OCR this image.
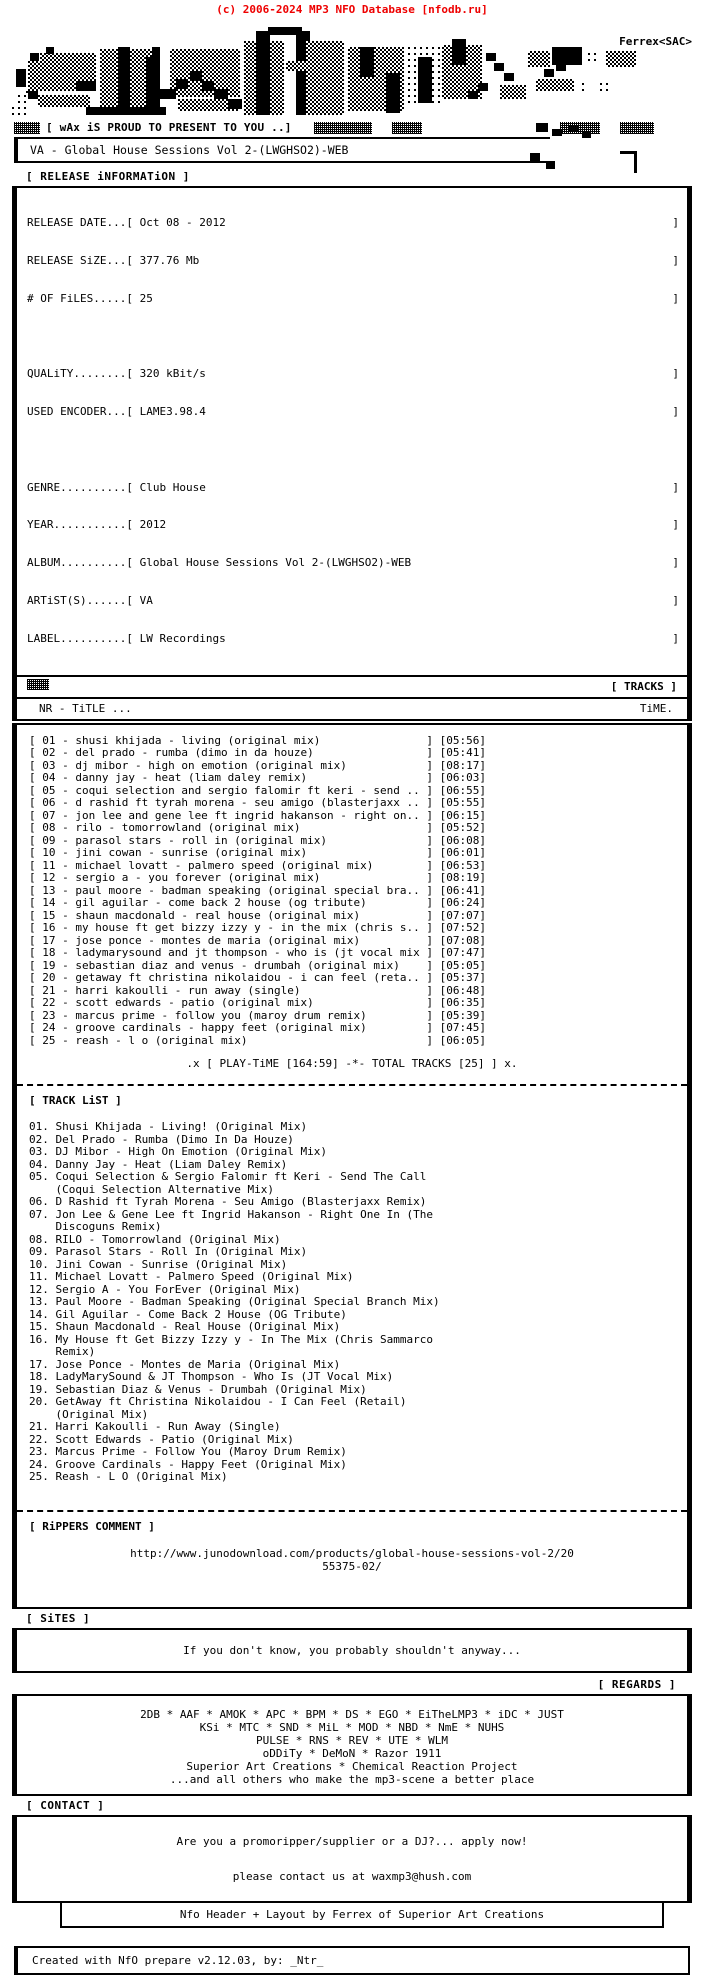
(c) 2006-2024 MP3 NFO Database [nfodb.ru]
Ferrex<SAC>
[ wAx iS PROUD TO PRESENT TO YOU ..]
VA - Global House Sessions Vol 2-(LWGHSO2)-WEB
[ RELEASE iNFORMATiON ]

RELEASE DATE...[ Oct 08 - 2012	]

RELEASE SiZE...[ 377.76 Mb	]

# OF FiLES.....[ 25	]

QUALiTY........[ 320 kBit/s	]

USED ENCODER...[ LAME3.98.4	]

GENRE..........[ Club House	]

YEAR...........[ 2012	]

ALBUM..........[ Global House Sessions Vol 2-(LWGHSO2)-WEB	]

ARTiST(S)......[ VA	]

LABEL..........[ LW Recordings	]

[ TRACKS ]
NR - TiTLE ...	TiME.
[ 01 - shusi khijada - living (original mix)                ] [05:56]
[ 02 - del prado - rumba (dimo in da houze)                 ] [05:41]
[ 03 - dj mibor - high on emotion (original mix)            ] [08:17]
[ 04 - danny jay - heat (liam daley remix)                  ] [06:03]
[ 05 - coqui selection and sergio falomir ft keri - send .. ] [06:55]
[ 06 - d rashid ft tyrah morena - seu amigo (blasterjaxx .. ] [05:55]
[ 07 - jon lee and gene lee ft ingrid hakanson - right on.. ] [06:15]
[ 08 - rilo - tomorrowland (original mix)                   ] [05:52]
[ 09 - parasol stars - roll in (original mix)               ] [06:08]
[ 10 - jini cowan - sunrise (original mix)                  ] [06:01]
[ 11 - michael lovatt - palmero speed (original mix)        ] [06:53]
[ 12 - sergio a - you forever (original mix)                ] [08:19]
[ 13 - paul moore - badman speaking (original special bra.. ] [06:41]
[ 14 - gil aguilar - come back 2 house (og tribute)         ] [06:24]
[ 15 - shaun macdonald - real house (original mix)          ] [07:07]
[ 16 - my house ft get bizzy izzy y - in the mix (chris s.. ] [07:52]
[ 17 - jose ponce - montes de maria (original mix)          ] [07:08]
[ 18 - ladymarysound and jt thompson - who is (jt vocal mix ] [07:47]
[ 19 - sebastian diaz and venus - drumbah (original mix)    ] [05:05]
[ 20 - getaway ft christina nikolaidou - i can feel (reta.. ] [05:37]
[ 21 - harri kakoulli - run away (single)                   ] [06:48]
[ 22 - scott edwards - patio (original mix)                 ] [06:35]
[ 23 - marcus prime - follow you (maroy drum remix)         ] [05:39]
[ 24 - groove cardinals - happy feet (original mix)         ] [07:45]
[ 25 - reash - l o (original mix)                           ] [06:05]
.x [ PLAY-TiME [164:59] -*- TOTAL TRACKS [25] ] x.
[ TRACK LiST ]
01. Shusi Khijada - Living! (Original Mix)
02. Del Prado - Rumba (Dimo In Da Houze)
03. DJ Mibor - High On Emotion (Original Mix)
04. Danny Jay - Heat (Liam Daley Remix)
05. Coqui Selection & Sergio Falomir ft Keri - Send The Call
(Coqui Selection Alternative Mix)
06. D Rashid ft Tyrah Morena - Seu Amigo (Blasterjaxx Remix)
07. Jon Lee & Gene Lee ft Ingrid Hakanson - Right One In (The
Discoguns Remix)
08. RILO - Tomorrowland (Original Mix)
09. Parasol Stars - Roll In (Original Mix)
10. Jini Cowan - Sunrise (Original Mix)
11. Michael Lovatt - Palmero Speed (Original Mix)
12. Sergio A - You ForEver (Original Mix)
13. Paul Moore - Badman Speaking (Original Special Branch Mix)
14. Gil Aguilar - Come Back 2 House (OG Tribute)
15. Shaun Macdonald - Real House (Original Mix)
16. My House ft Get Bizzy Izzy y - In The Mix (Chris Sammarco
Remix)
17. Jose Ponce - Montes de Maria (Original Mix)
18. LadyMarySound & JT Thompson - Who Is (JT Vocal Mix)
19. Sebastian Diaz & Venus - Drumbah (Original Mix)
20. GetAway ft Christina Nikolaidou - I Can Feel (Retail)
(Original Mix)
21. Harri Kakoulli - Run Away (Single)
22. Scott Edwards - Patio (Original Mix)
23. Marcus Prime - Follow You (Maroy Drum Remix)
24. Groove Cardinals - Happy Feet (Original Mix)
25. Reash - L O (Original Mix)
[ RiPPERS COMMENT ]
http://www.junodownload.com/products/global-house-sessions-vol-2/20
55375-02/
[ SiTES ]
If you don't know, you probably shouldn't anyway...
[ REGARDS ]
2DB * AAF * AMOK * APC * BPM * DS * EGO * EiTheLMP3 * iDC * JUST
KSi * MTC * SND * MiL * MOD * NBD * NmE * NUHS
PULSE * RNS * REV * UTE * WLM
oDDiTy * DeMoN * Razor 1911
Superior Art Creations * Chemical Reaction Project
...and all others who make the mp3-scene a better place
[ CONTACT ]
Are you a promoripper/supplier or a DJ?... apply now!
please contact us at waxmp3@hush.com
Nfo Header + Layout by Ferrex of Superior Art Creations
Created with NfO prepare v2.12.03, by: _Ntr_
